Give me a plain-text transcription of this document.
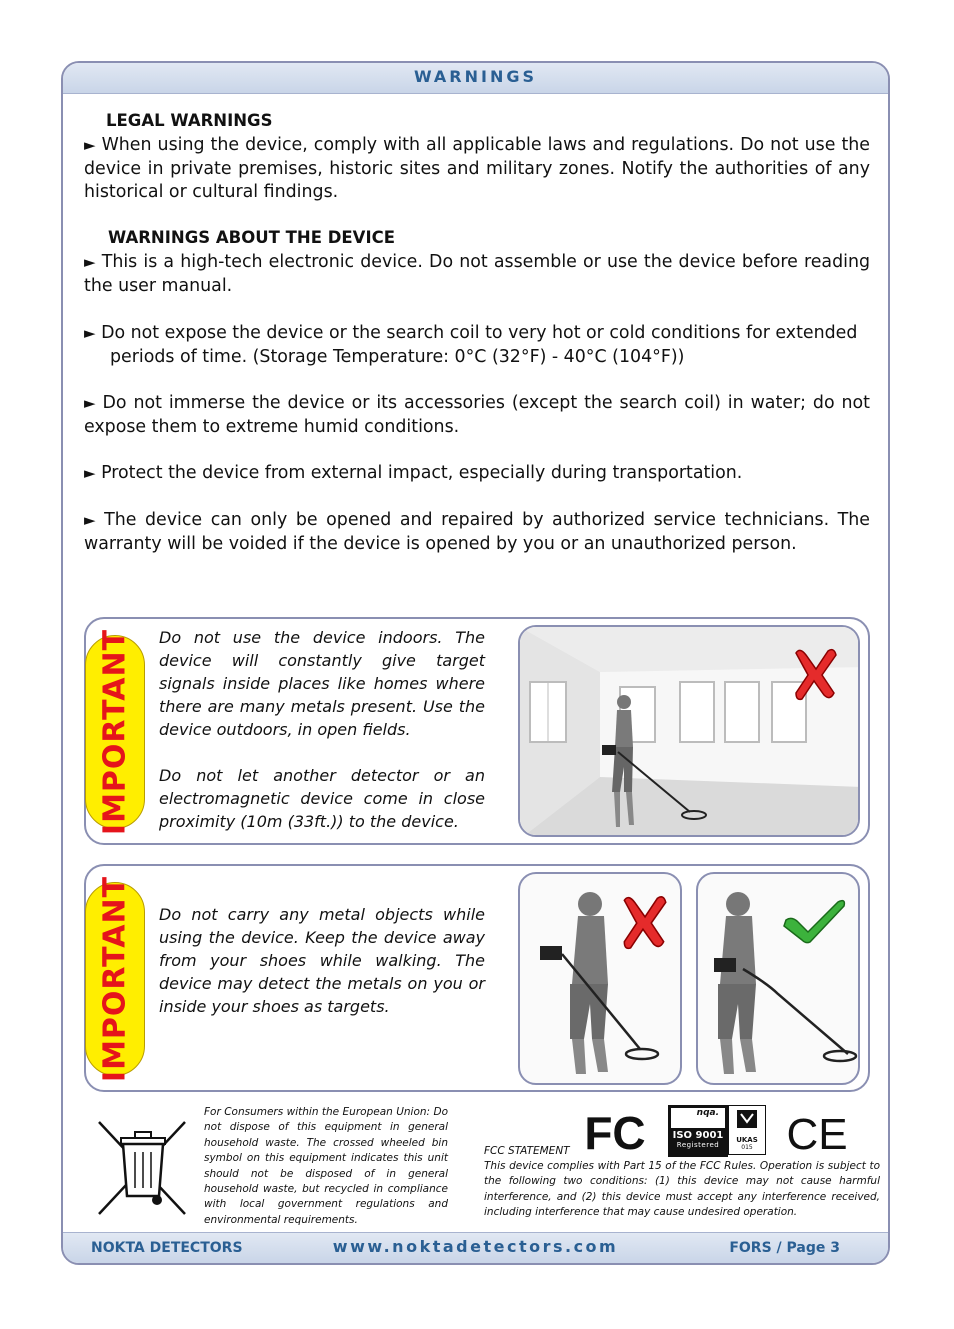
WARNINGS
NOKTA DETECTORS	www.noktadetectors.com	FORS / Page 3
LEGAL WARNINGS
► When using the device, comply with all applicable laws and regulations. Do not use the device in private premises, historic sites and military zones. Notify the authorities of any historical or cultural findings.
WARNINGS ABOUT THE DEVICE
► This is a high-tech electronic device. Do not assemble or use the device before reading the user manual.
► Do not expose the device or the search coil to very hot or cold conditions for extended periods of time. (Storage Temperature: 0°C (32°F) - 40°C (104°F))
► Do not immerse the device or its accessories (except the search coil) in water; do not expose them to extreme humid conditions.
► Protect the device from external impact, especially during transportation.
► The device can only be opened and repaired by authorized service technicians. The warranty will be voided if the device is opened by you or an unauthorized person.
IMPORTANT Do not use the device indoors. The device will constantly give target signals inside places like homes where there are many metals present. Use the device outdoors, in open fields.
Do not let another detector or an electromagnetic device come in close proximity (10m (33ft.)) to the device.
IMPORTANT Do not carry any metal objects while using the device. Keep the device away from your shoes while walking. The device may detect the metals on you or inside your shoes as targets.
For Consumers within the European Union: Do not dispose of this equipment in general household waste. The crossed wheeled bin symbol on this equipment indicates this unit should not be disposed of in general household waste, but recycled in compliance with local government regulations and environmental requirements.
FC	nqa.
ISO 9001
Registered
UKAS
015 CE
FCC STATEMENT
This device complies with Part 15 of the FCC Rules. Operation is subject to the following two conditions: (1) this device may not cause harmful interference, and (2) this device must accept any interference received, including interference that may cause undesired operation.
